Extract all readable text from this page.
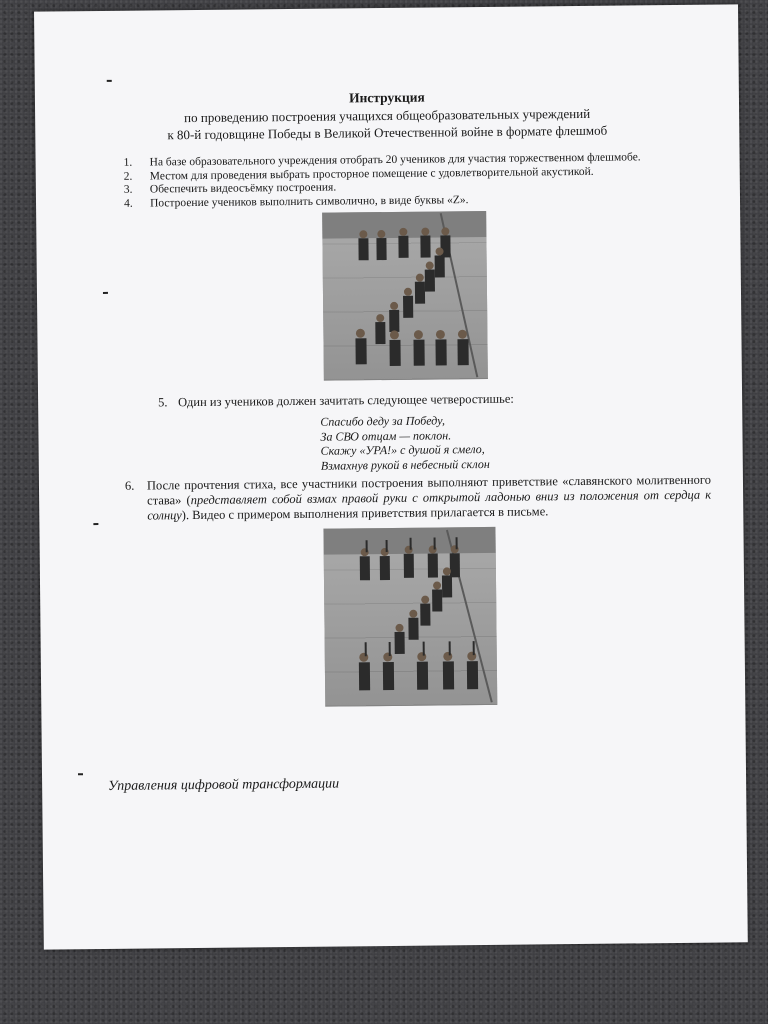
Инструкция
по проведению построения учащихся общеобразовательных учреждений
к 80-й годовщине Победы в Великой Отечественной войне в формате флешмоб
1.	На базе образовательного учреждения отобрать 20 учеников для участия торжественном флешмобе.
2.	Местом для проведения выбрать просторное помещение с удовлетворительной акустикой.
3.	Обеспечить видеосъёмку построения.
4.	Построение учеников выполнить символично, в виде буквы «Z».
5. Один из учеников должен зачитать следующее четверостишье:
Спасибо деду за Победу,
За СВО отцам — поклон.
Скажу «УРА!» с душой я смело,
Взмахнув рукой в небесный склон
6. После прочтения стиха, все участники построения выполняют приветствие «славянского молитвенного става» (представляет собой взмах правой руки с открытой ладонью вниз из положения от сердца к солнцу). Видео с примером выполнения приветствия прилагается в письме.
Управления цифровой трансформации
